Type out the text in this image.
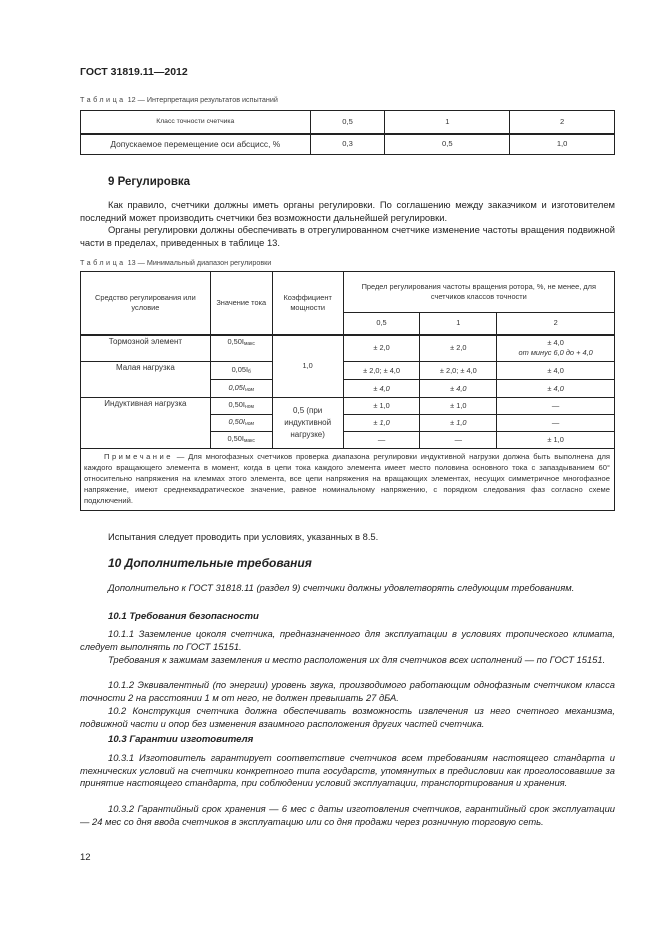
ГОСТ 31819.11—2012
Таблица 12 — Интерпретация результатов испытаний
Класс точности счетчика	0,5	1	2
Допускаемое перемещение оси абсцисс, %	0,3	0,5	1,0
9 Регулировка
Как правило, счетчики должны иметь органы регулировки. По соглашению между заказчиком и изготовителем последний может производить счетчики без возможности дальнейшей регулировки.
Органы регулировки должны обеспечивать в отрегулированном счетчике изменение частоты вращения подвижной части в пределах, приведенных в таблице 13.
Таблица 13 — Минимальный диапазон регулировки
Средство регулирования или условие	Значение тока	Коэффициент мощности	Предел регулирования частоты вращения ротора, %, не менее, для счетчиков классов точности		
			0,5	1	2
Тормозной элемент	$0,50I_{макс}$	1,0	± 2,0	± 2,0	± 4,0
от минус 6,0 до + 4,0

Малая нагрузка	$0,05I_б$		± 2,0; ± 4,0	± 2,0; ± 4,0	± 4,0
	$0,05I_{ном}$		± 4,0	± 4,0	± 4,0
Индуктивная нагрузка	$0,50I_{ном}$	0,5 (при индуктивной нагрузке)	± 1,0	± 1,0	—
	$0,50I_{ном}$		± 1,0	± 1,0	—
	$0,50I_{макс}$		—	—	± 1,0
Примечание — Для многофазных счетчиков проверка диапазона регулировки индуктивной нагрузки должна быть выполнена для каждого вращающего элемента в момент, когда в цепи тока каждого элемента имеет место половина основного тока с запаздыванием 60° относительно напряжения на клеммах этого элемента, все цепи напряжения на вращающих элементах, несущих симметричное многофазное напряжение, имеют среднеквадратическое значение, равное номинальному напряжению, с порядком следования фаз согласно схеме подключений.
Испытания следует проводить при условиях, указанных в 8.5.
10 Дополнительные требования
Дополнительно к ГОСТ 31818.11 (раздел 9) счетчики должны удовлетворять следующим требованиям.
10.1 Требования безопасности
10.1.1 Заземление цоколя счетчика, предназначенного для эксплуатации в условиях тропического климата, следует выполнять по ГОСТ 15151.
Требования к зажимам заземления и место расположения их для счетчиков всех исполнений — по ГОСТ 15151.
10.1.2 Эквивалентный (по энергии) уровень звука, производимого работающим однофазным счетчиком класса точности 2 на расстоянии 1 м от него, не должен превышать 27 дБА.
10.2 Конструкция счетчика должна обеспечивать возможность извлечения из него счетного механизма, подвижной части и опор без изменения взаимного расположения других частей счетчика.
10.3 Гарантии изготовителя
10.3.1 Изготовитель гарантирует соответствие счетчиков всем требованиям настоящего стандарта и технических условий на счетчики конкретного типа государств, упомянутых в предисловии как проголосовавшие за принятие настоящего стандарта, при соблюдении условий эксплуатации, транспортирования и хранения.
10.3.2 Гарантийный срок хранения — 6 мес с даты изготовления счетчиков, гарантийный срок эксплуатации — 24 мес со дня ввода счетчиков в эксплуатацию или со дня продажи через розничную торговую сеть.
12
